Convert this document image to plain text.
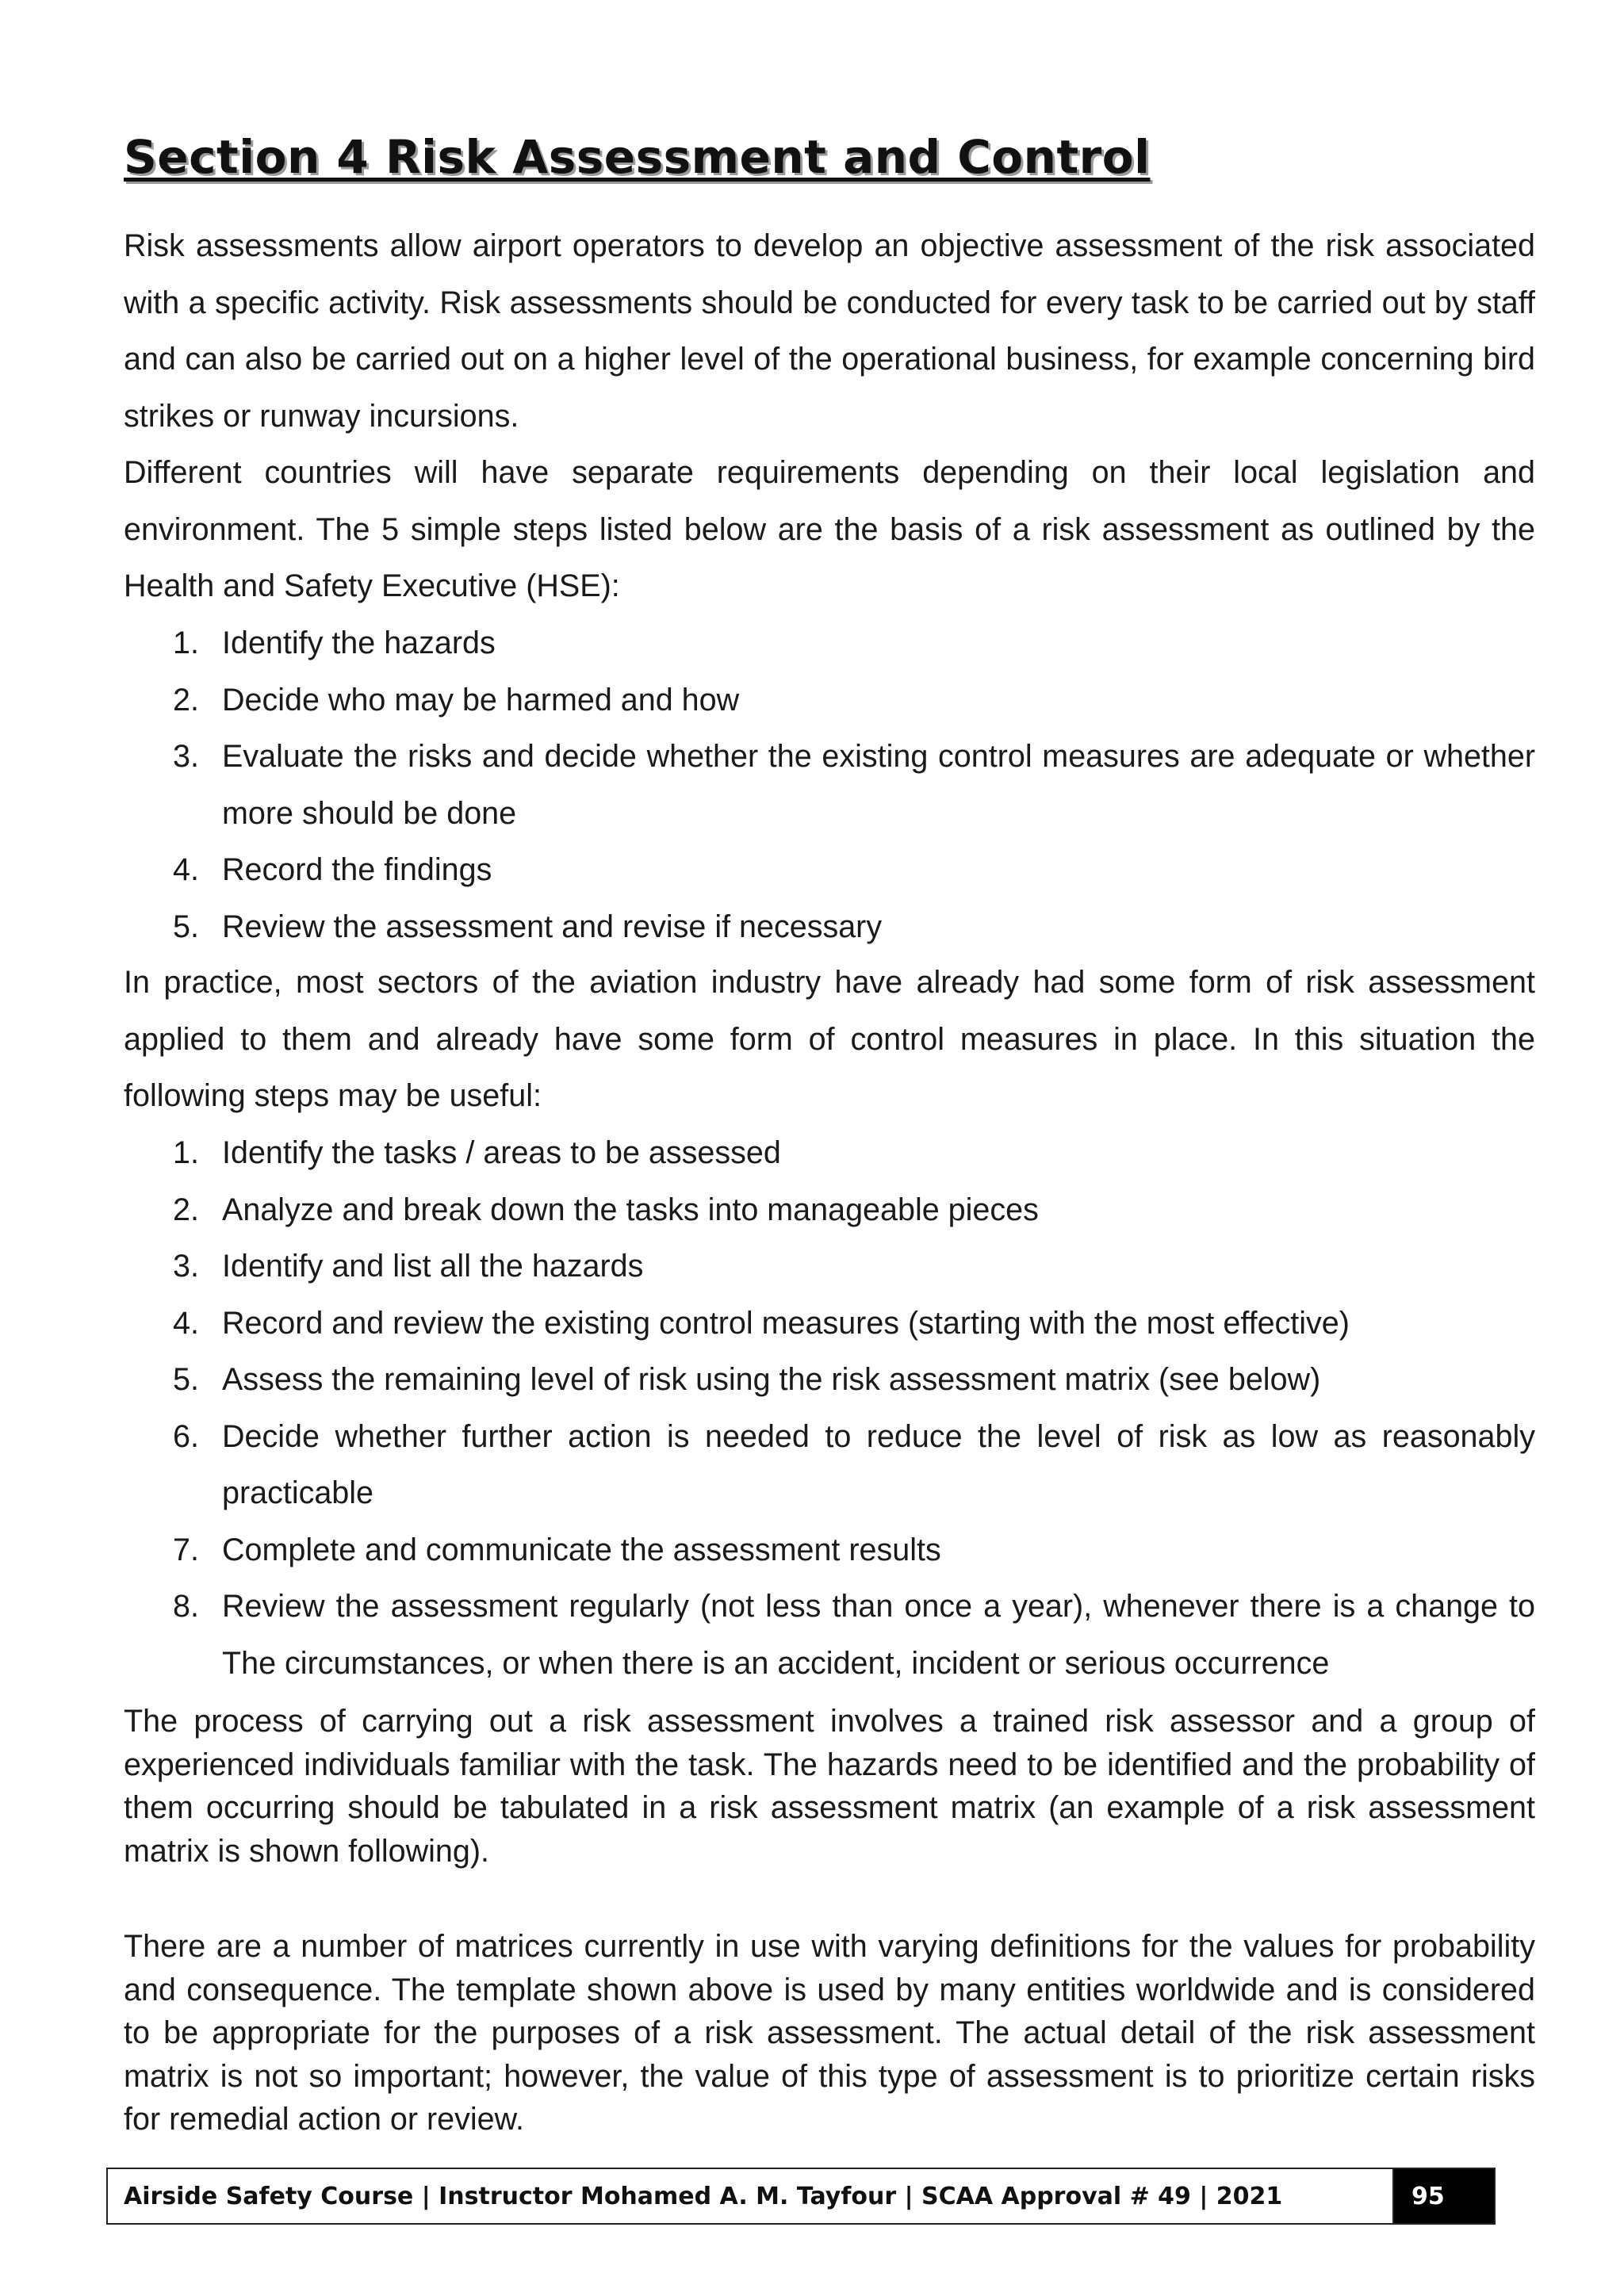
Section 4 Risk Assessment and Control

Risk assessments allow airport operators to develop an objective assessment of the risk associated with a specific activity. Risk assessments should be conducted for every task to be carried out by staff and can also be carried out on a higher level of the operational business, for example concerning bird strikes or runway incursions.

Different countries will have separate requirements depending on their local legislation and environment. The 5 simple steps listed below are the basis of a risk assessment as outlined by the Health and Safety Executive (HSE):

1. Identify the hazards
2. Decide who may be harmed and how
3. Evaluate the risks and decide whether the existing control measures are adequate or whether more should be done
4. Record the findings
5. Review the assessment and revise if necessary

In practice, most sectors of the aviation industry have already had some form of risk assessment applied to them and already have some form of control measures in place. In this situation the following steps may be useful:

1. Identify the tasks / areas to be assessed
2. Analyze and break down the tasks into manageable pieces
3. Identify and list all the hazards
4. Record and review the existing control measures (starting with the most effective)
5. Assess the remaining level of risk using the risk assessment matrix (see below)
6. Decide whether further action is needed to reduce the level of risk as low as reasonably practicable
7. Complete and communicate the assessment results
8. Review the assessment regularly (not less than once a year), whenever there is a change to The circumstances, or when there is an accident, incident or serious occurrence

The process of carrying out a risk assessment involves a trained risk assessor and a group of experienced individuals familiar with the task. The hazards need to be identified and the probability of them occurring should be tabulated in a risk assessment matrix (an example of a risk assessment matrix is shown following).

There are a number of matrices currently in use with varying definitions for the values for probability and consequence. The template shown above is used by many entities worldwide and is considered to be appropriate for the purposes of a risk assessment. The actual detail of the risk assessment matrix is not so important; however, the value of this type of assessment is to prioritize certain risks for remedial action or review.

Airside Safety Course | Instructor Mohamed A. M. Tayfour | SCAA Approval # 49 | 2021	95
